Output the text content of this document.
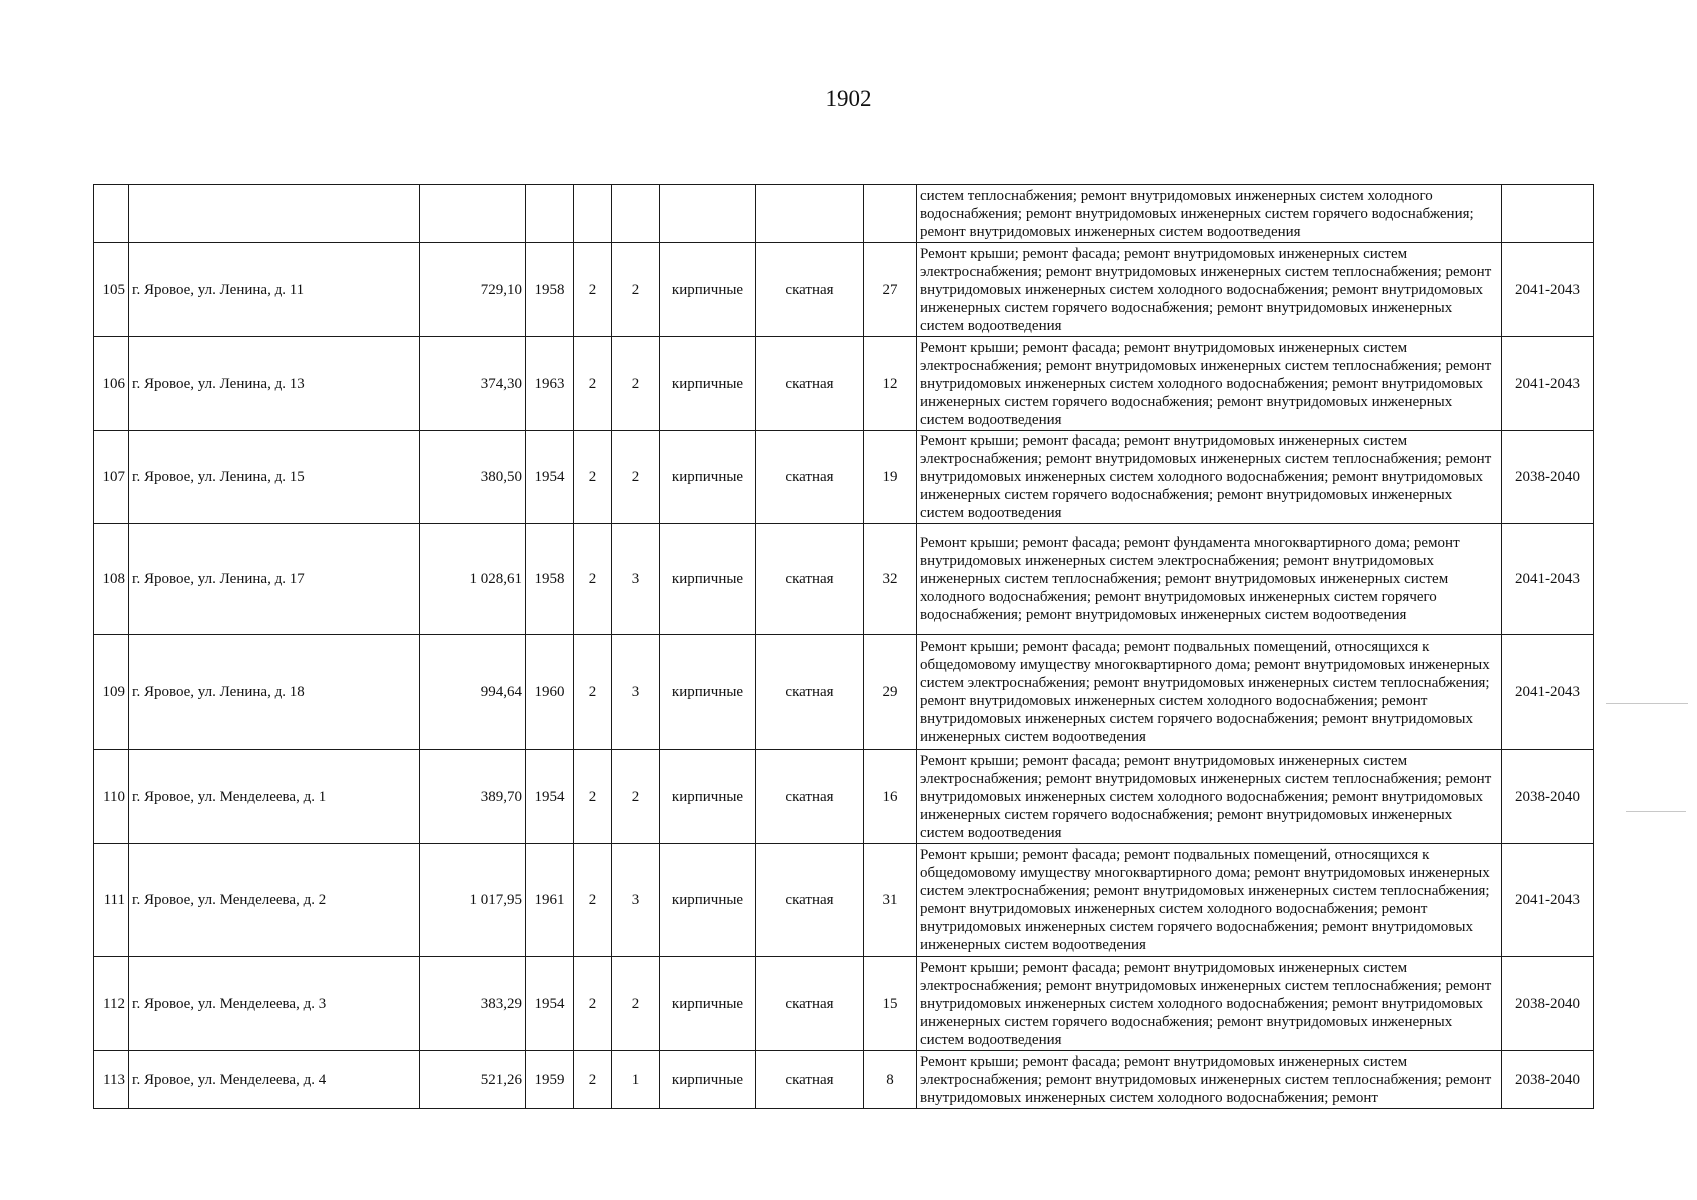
1902
									систем теплоснабжения; ремонт внутридомовых инженерных систем холодного водоснабжения; ремонт внутридомовых инженерных систем горячего водоснабжения; ремонт внутридомовых инженерных систем водоотведения	
105	г. Яровое, ул. Ленина, д. 11	729,10	1958	2	2	кирпичные	скатная	27	Ремонт крыши; ремонт фасада; ремонт внутридомовых инженерных систем электроснабжения; ремонт внутридомовых инженерных систем теплоснабжения; ремонт внутридомовых инженерных систем холодного водоснабжения; ремонт внутридомовых инженерных систем горячего водоснабжения; ремонт внутридомовых инженерных систем водоотведения	2041-2043
106	г. Яровое, ул. Ленина, д. 13	374,30	1963	2	2	кирпичные	скатная	12	Ремонт крыши; ремонт фасада; ремонт внутридомовых инженерных систем электроснабжения; ремонт внутридомовых инженерных систем теплоснабжения; ремонт внутридомовых инженерных систем холодного водоснабжения; ремонт внутридомовых инженерных систем горячего водоснабжения; ремонт внутридомовых инженерных систем водоотведения	2041-2043
107	г. Яровое, ул. Ленина, д. 15	380,50	1954	2	2	кирпичные	скатная	19	Ремонт крыши; ремонт фасада; ремонт внутридомовых инженерных систем электроснабжения; ремонт внутридомовых инженерных систем теплоснабжения; ремонт внутридомовых инженерных систем холодного водоснабжения; ремонт внутридомовых инженерных систем горячего водоснабжения; ремонт внутридомовых инженерных систем водоотведения	2038-2040
108	г. Яровое, ул. Ленина, д. 17	1 028,61	1958	2	3	кирпичные	скатная	32	Ремонт крыши; ремонт фасада; ремонт фундамента многоквартирного дома; ремонт внутридомовых инженерных систем электроснабжения; ремонт внутридомовых инженерных систем теплоснабжения; ремонт внутридомовых инженерных систем холодного водоснабжения; ремонт внутридомовых инженерных систем горячего водоснабжения; ремонт внутридомовых инженерных систем водоотведения	2041-2043
109	г. Яровое, ул. Ленина, д. 18	994,64	1960	2	3	кирпичные	скатная	29	Ремонт крыши; ремонт фасада; ремонт подвальных помещений, относящихся к общедомовому имуществу многоквартирного дома; ремонт внутридомовых инженерных систем электроснабжения; ремонт внутридомовых инженерных систем теплоснабжения; ремонт внутридомовых инженерных систем холодного водоснабжения; ремонт внутридомовых инженерных систем горячего водоснабжения; ремонт внутридомовых инженерных систем водоотведения	2041-2043
110	г. Яровое, ул. Менделеева, д. 1	389,70	1954	2	2	кирпичные	скатная	16	Ремонт крыши; ремонт фасада; ремонт внутридомовых инженерных систем электроснабжения; ремонт внутридомовых инженерных систем теплоснабжения; ремонт внутридомовых инженерных систем холодного водоснабжения; ремонт внутридомовых инженерных систем горячего водоснабжения; ремонт внутридомовых инженерных систем водоотведения	2038-2040
111	г. Яровое, ул. Менделеева, д. 2	1 017,95	1961	2	3	кирпичные	скатная	31	Ремонт крыши; ремонт фасада; ремонт подвальных помещений, относящихся к общедомовому имуществу многоквартирного дома; ремонт внутридомовых инженерных систем электроснабжения; ремонт внутридомовых инженерных систем теплоснабжения; ремонт внутридомовых инженерных систем холодного водоснабжения; ремонт внутридомовых инженерных систем горячего водоснабжения; ремонт внутридомовых инженерных систем водоотведения	2041-2043
112	г. Яровое, ул. Менделеева, д. 3	383,29	1954	2	2	кирпичные	скатная	15	Ремонт крыши; ремонт фасада; ремонт внутридомовых инженерных систем электроснабжения; ремонт внутридомовых инженерных систем теплоснабжения; ремонт внутридомовых инженерных систем холодного водоснабжения; ремонт внутридомовых инженерных систем горячего водоснабжения; ремонт внутридомовых инженерных систем водоотведения	2038-2040
113	г. Яровое, ул. Менделеева, д. 4	521,26	1959	2	1	кирпичные	скатная	8	Ремонт крыши; ремонт фасада; ремонт внутридомовых инженерных систем электроснабжения; ремонт внутридомовых инженерных систем теплоснабжения; ремонт внутридомовых инженерных систем холодного водоснабжения; ремонт	2038-2040
